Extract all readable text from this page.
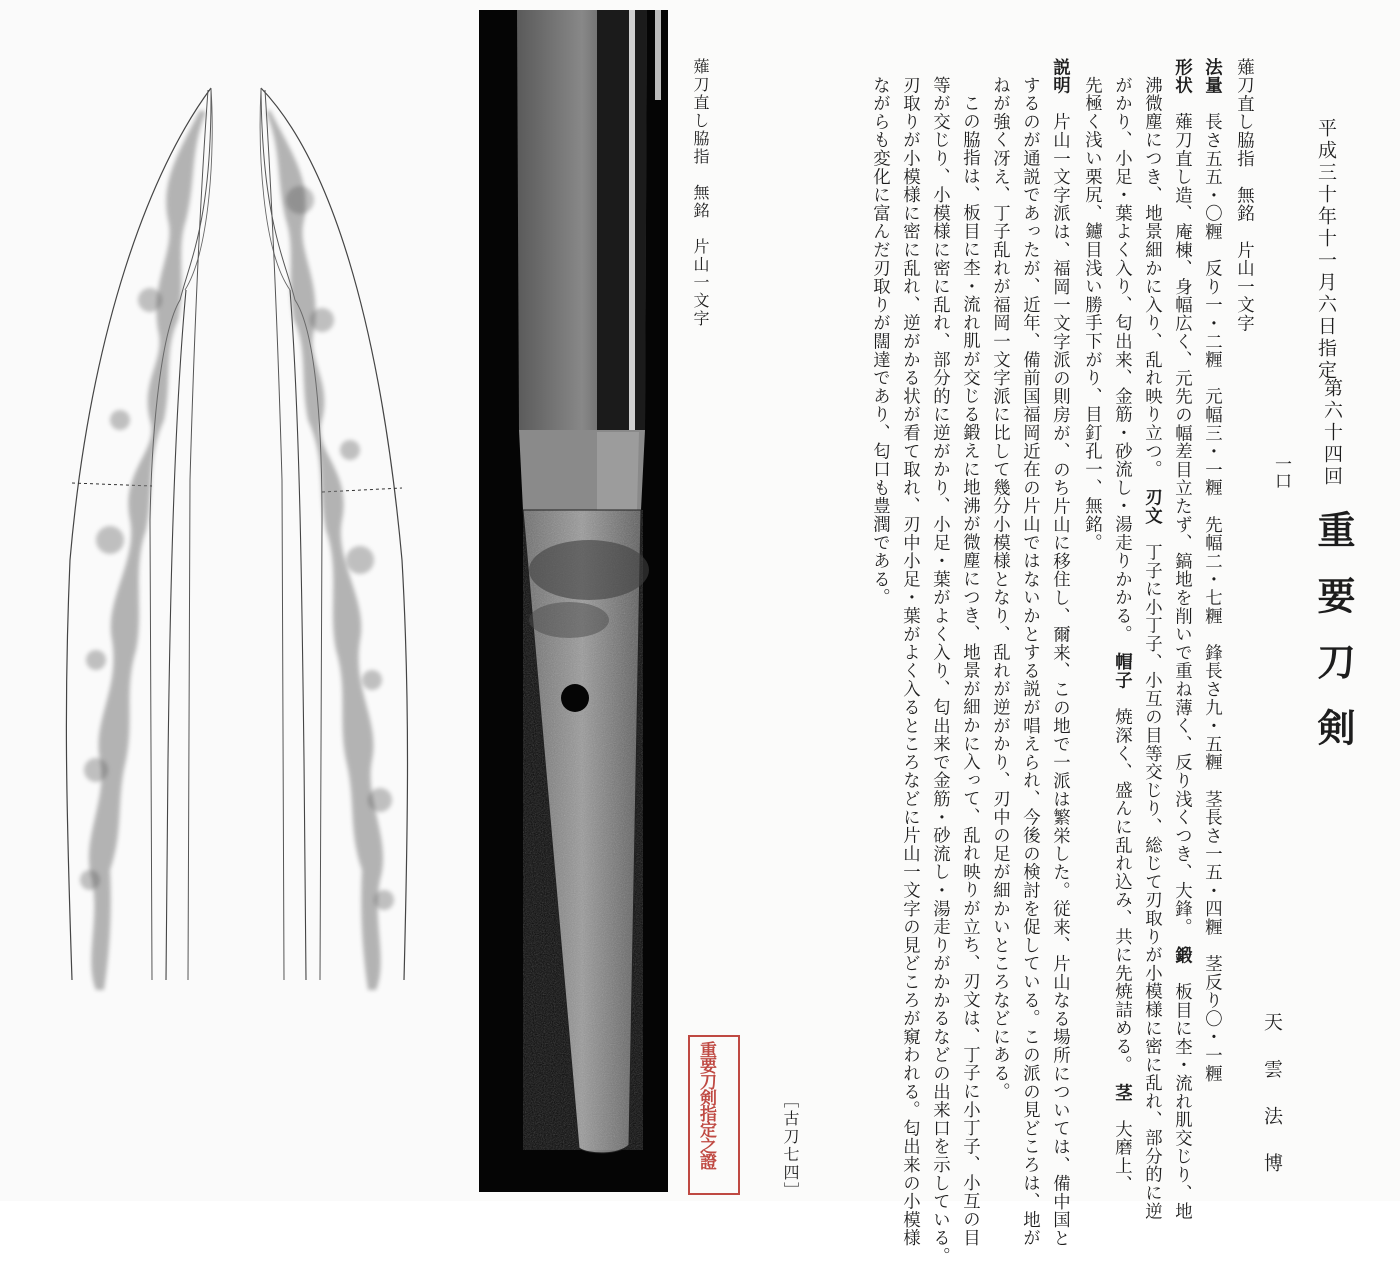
薙刀直し脇指　無銘　片山一文字
重要刀剣指定之證	［古刀七四］
平成三十年十一月六日指定
第六十四回
重要刀剣
一口
天雲法博
薙刀直し脇指　無銘　片山一文字
法量　長さ五五・〇糎　反り一・二糎　元幅三・一糎　先幅二・七糎　鋒長さ九・五糎　茎長さ一五・四糎　茎反り〇・一糎
形状　薙刀直し造、庵棟、身幅広く、元先の幅差目立たず、鎬地を削いで重ね薄く、反り浅くつき、大鋒。　鍛　板目に杢・流れ肌交じり、地
沸微塵につき、地景細かに入り、乱れ映り立つ。　刃文　丁子に小丁子、小互の目等交じり、総じて刃取りが小模様に密に乱れ、部分的に逆
がかり、小足・葉よく入り、匂出来、金筋・砂流し・湯走りかかる。　帽子　焼深く、盛んに乱れ込み、共に先焼詰める。　茎　大磨上、
先極く浅い栗尻、鑢目浅い勝手下がり、目釘孔一、無銘。
説明　片山一文字派は、福岡一文字派の則房が、のち片山に移住し、爾来、この地で一派は繁栄した。従来、片山なる場所については、備中国と
するのが通説であったが、近年、備前国福岡近在の片山ではないかとする説が唱えられ、今後の検討を促している。この派の見どころは、地が
ねが強く冴え、丁子乱れが福岡一文字派に比して幾分小模様となり、乱れが逆がかり、刃中の足が細かいところなどにある。
この脇指は、板目に杢・流れ肌が交じる鍛えに地沸が微塵につき、地景が細かに入って、乱れ映りが立ち、刃文は、丁子に小丁子、小互の目
等が交じり、小模様に密に乱れ、部分的に逆がかり、小足・葉がよく入り、匂出来で金筋・砂流し・湯走りがかかるなどの出来口を示している。
刃取りが小模様に密に乱れ、逆がかる状が看て取れ、刃中小足・葉がよく入るところなどに片山一文字の見どころが窺われる。匂出来の小模様
ながらも変化に富んだ刃取りが闊達であり、匂口も豊潤である。
